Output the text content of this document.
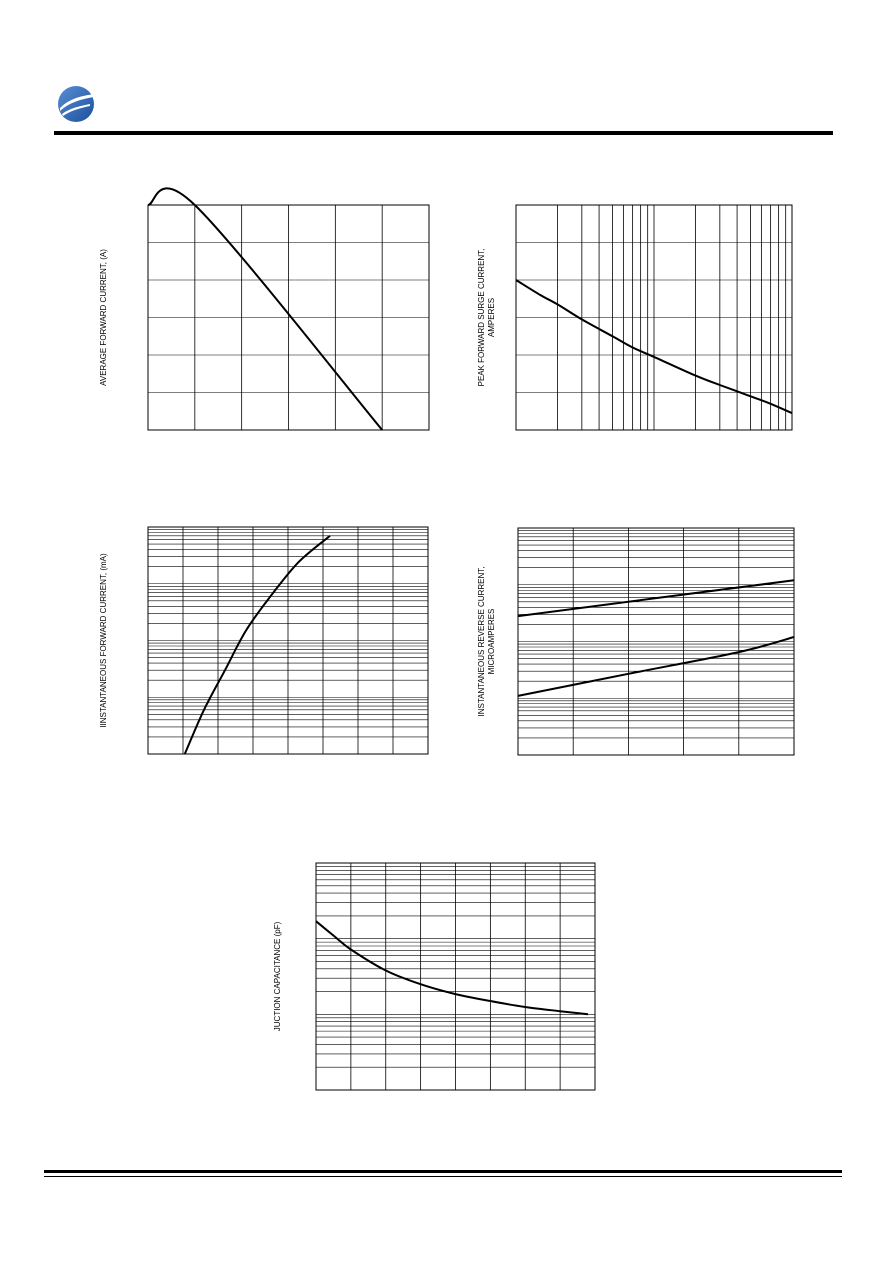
AVERAGE FORWARD CURRENT, (A)	PEAK FORWARD SURGE CURRENT,AMPERES
IINSTANTANEOUS FORWARD CURRENT, (mA)	INSTANTANEOUS REVERSE CURRENT,MICROAMPERES
JUCTION CAPACITANCE (pF)
